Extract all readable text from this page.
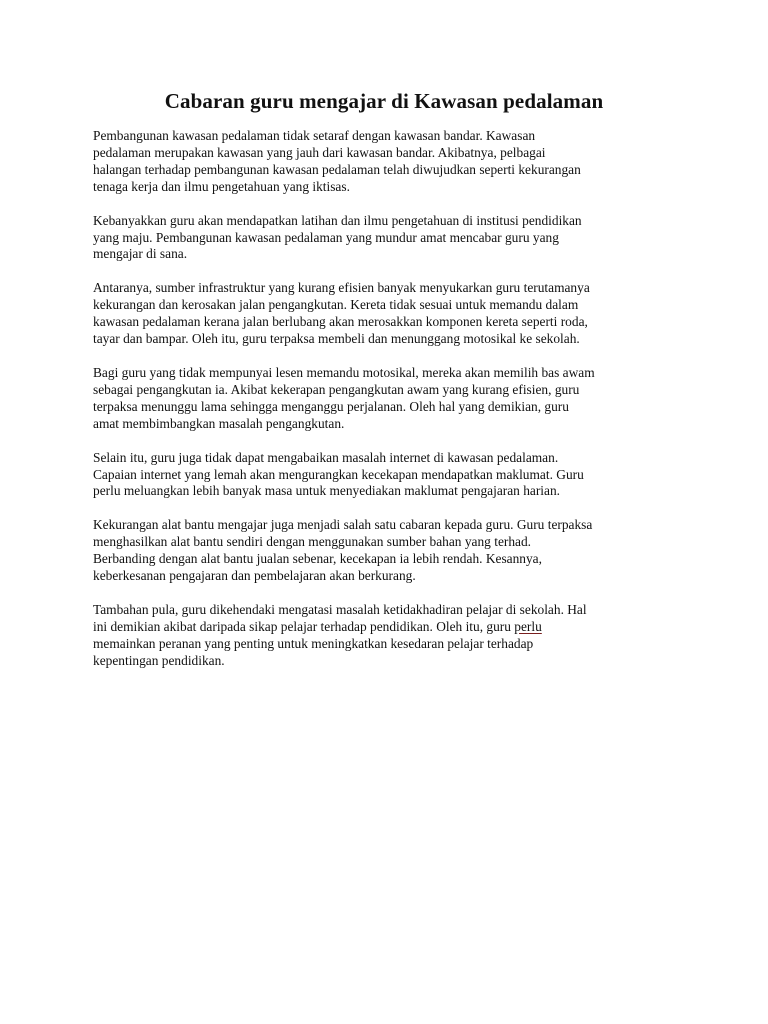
Cabaran guru mengajar di Kawasan pedalaman

Pembangunan kawasan pedalaman tidak setaraf dengan kawasan bandar. Kawasan
pedalaman merupakan kawasan yang jauh dari kawasan bandar. Akibatnya, pelbagai
halangan terhadap pembangunan kawasan pedalaman telah diwujudkan seperti kekurangan
tenaga kerja dan ilmu pengetahuan yang iktisas.

Kebanyakkan guru akan mendapatkan latihan dan ilmu pengetahuan di institusi pendidikan
yang maju. Pembangunan kawasan pedalaman yang mundur amat mencabar guru yang
mengajar di sana.

Antaranya, sumber infrastruktur yang kurang efisien banyak menyukarkan guru terutamanya
kekurangan dan kerosakan jalan pengangkutan. Kereta tidak sesuai untuk memandu dalam
kawasan pedalaman kerana jalan berlubang akan merosakkan komponen kereta seperti roda,
tayar dan bampar. Oleh itu, guru terpaksa membeli dan menunggang motosikal ke sekolah.

Bagi guru yang tidak mempunyai lesen memandu motosikal, mereka akan memilih bas awam
sebagai pengangkutan ia. Akibat kekerapan pengangkutan awam yang kurang efisien, guru
terpaksa menunggu lama sehingga menganggu perjalanan. Oleh hal yang demikian, guru
amat membimbangkan masalah pengangkutan.

Selain itu, guru juga tidak dapat mengabaikan masalah internet di kawasan pedalaman.
Capaian internet yang lemah akan mengurangkan kecekapan mendapatkan maklumat. Guru
perlu meluangkan lebih banyak masa untuk menyediakan maklumat pengajaran harian.

Kekurangan alat bantu mengajar juga menjadi salah satu cabaran kepada guru. Guru terpaksa
menghasilkan alat bantu sendiri dengan menggunakan sumber bahan yang terhad.
Berbanding dengan alat bantu jualan sebenar, kecekapan ia lebih rendah. Kesannya,
keberkesanan pengajaran dan pembelajaran akan berkurang.

Tambahan pula, guru dikehendaki mengatasi masalah ketidakhadiran pelajar di sekolah. Hal
ini demikian akibat daripada sikap pelajar terhadap pendidikan. Oleh itu, guru perlu
memainkan peranan yang penting untuk meningkatkan kesedaran pelajar terhadap
kepentingan pendidikan.
